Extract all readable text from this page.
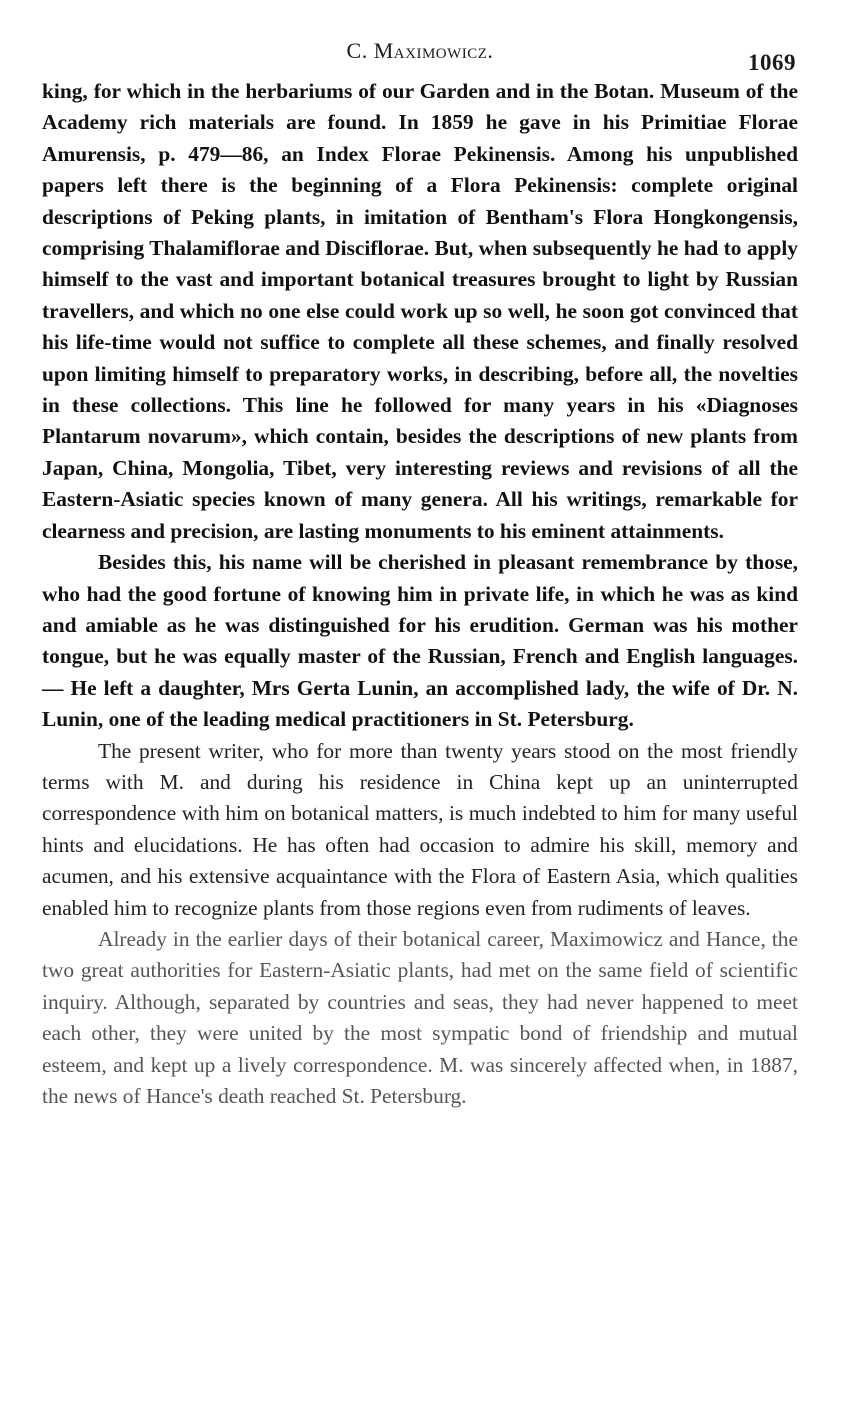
C. Maximowicz.	1069

king, for which in the herbariums of our Garden and in the Botan. Museum of the Academy rich materials are found. In 1859 he gave in his Primitiae Florae Amurensis, p. 479—86, an Index Florae Pekinensis. Among his unpublished papers left there is the beginning of a Flora Pekinensis: complete original descriptions of Peking plants, in imitation of Bentham's Flora Hongkongensis, comprising Thalamiflorae and Disciflorae. But, when subsequently he had to apply himself to the vast and important botanical treasures brought to light by Russian travellers, and which no one else could work up so well, he soon got convinced that his life-time would not suffice to complete all these schemes, and finally resolved upon limiting himself to preparatory works, in describing, before all, the novelties in these collections. This line he followed for many years in his «Diagnoses Plantarum novarum», which contain, besides the descriptions of new plants from Japan, China, Mongolia, Tibet, very interesting reviews and revisions of all the Eastern-Asiatic species known of many genera. All his writings, remarkable for clearness and precision, are lasting monuments to his eminent attainments.

Besides this, his name will be cherished in pleasant remembrance by those, who had the good fortune of knowing him in private life, in which he was as kind and amiable as he was distinguished for his erudition. German was his mother tongue, but he was equally master of the Russian, French and English languages. — He left a daughter, Mrs Gerta Lunin, an accomplished lady, the wife of Dr. N. Lunin, one of the leading medical practitioners in St. Petersburg.

The present writer, who for more than twenty years stood on the most friendly terms with M. and during his residence in China kept up an uninterrupted correspondence with him on botanical matters, is much indebted to him for many useful hints and elucidations. He has often had occasion to admire his skill, memory and acumen, and his extensive acquaintance with the Flora of Eastern Asia, which qualities enabled him to recognize plants from those regions even from rudiments of leaves.

Already in the earlier days of their botanical career, Maximowicz and Hance, the two great authorities for Eastern-Asiatic plants, had met on the same field of scientific inquiry. Although, separated by countries and seas, they had never happened to meet each other, they were united by the most sympatic bond of friendship and mutual esteem, and kept up a lively correspondence. M. was sincerely affected when, in 1887, the news of Hance's death reached St. Petersburg.
